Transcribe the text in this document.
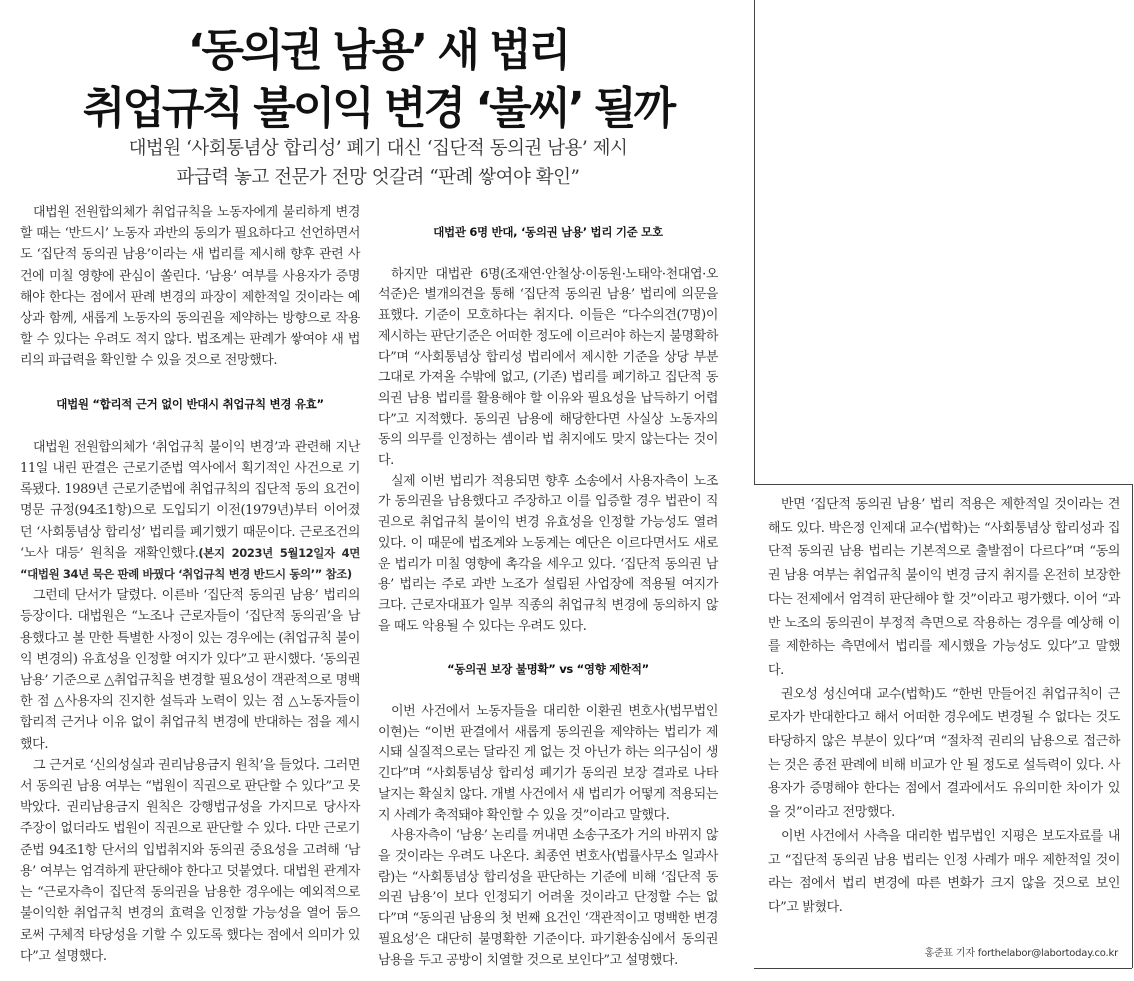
‘동의권 남용’ 새 법리
취업규칙 불이익 변경 ‘불씨’ 될까
대법원 ‘사회통념상 합리성’ 폐기 대신 ‘집단적 동의권 남용’ 제시
파급력 놓고 전문가 전망 엇갈려 “판례 쌓여야 확인”

대법원 전원합의체가 취업규칙을 노동자에게 불리하게 변경할 때는 ‘반드시’ 노동자 과반의 동의가 필요하다고 선언하면서도 ‘집단적 동의권 남용’이라는 새 법리를 제시해 향후 관련 사건에 미칠 영향에 관심이 쏠린다. ‘남용’ 여부를 사용자가 증명해야 한다는 점에서 판례 변경의 파장이 제한적일 것이라는 예상과 함께, 새롭게 노동자의 동의권을 제약하는 방향으로 작용할 수 있다는 우려도 적지 않다. 법조계는 판례가 쌓여야 새 법리의 파급력을 확인할 수 있을 것으로 전망했다.

대법원 “합리적 근거 없이 반대시 취업규칙 변경 유효”

대법원 전원합의체가 ‘취업규칙 불이익 변경’과 관련해 지난 11일 내린 판결은 근로기준법 역사에서 획기적인 사건으로 기록됐다. 1989년 근로기준법에 취업규칙의 집단적 동의 요건이 명문 규정(94조1항)으로 도입되기 이전(1979년)부터 이어졌던 ‘사회통념상 합리성’ 법리를 폐기했기 때문이다. 근로조건의 ‘노사 대등’ 원칙을 재확인했다.(본지 2023년 5월12일자 4면 “대법원 34년 묵은 판례 바꿨다 ‘취업규칙 변경 반드시 동의’” 참조)

그런데 단서가 달렸다. 이른바 ‘집단적 동의권 남용’ 법리의 등장이다. 대법원은 “노조나 근로자들이 ‘집단적 동의권’을 남용했다고 볼 만한 특별한 사정이 있는 경우에는 (취업규칙 불이익 변경의) 유효성을 인정할 여지가 있다”고 판시했다. ‘동의권 남용’ 기준으로 △취업규칙을 변경할 필요성이 객관적으로 명백한 점 △사용자의 진지한 설득과 노력이 있는 점 △노동자들이 합리적 근거나 이유 없이 취업규칙 변경에 반대하는 점을 제시했다.

그 근거로 ‘신의성실과 권리남용금지 원칙’을 들었다. 그러면서 동의권 남용 여부는 “법원이 직권으로 판단할 수 있다”고 못 박았다. 권리남용금지 원칙은 강행법규성을 가지므로 당사자 주장이 없더라도 법원이 직권으로 판단할 수 있다. 다만 근로기준법 94조1항 단서의 입법취지와 동의권 중요성을 고려해 ‘남용’ 여부는 엄격하게 판단해야 한다고 덧붙였다. 대법원 관계자는 “근로자측이 집단적 동의권을 남용한 경우에는 예외적으로 불이익한 취업규칙 변경의 효력을 인정할 가능성을 열어 둠으로써 구체적 타당성을 기할 수 있도록 했다는 점에서 의미가 있다”고 설명했다.

대법관 6명 반대, ‘동의권 남용’ 법리 기준 모호

하지만 대법관 6명(조재연·안철상·이동원·노태악·천대엽·오석준)은 별개의견을 통해 ‘집단적 동의권 남용’ 법리에 의문을 표했다. 기준이 모호하다는 취지다. 이들은 “다수의견(7명)이 제시하는 판단기준은 어떠한 정도에 이르러야 하는지 불명확하다”며 “사회통념상 합리성 법리에서 제시한 기준을 상당 부분 그대로 가져올 수밖에 없고, (기존) 법리를 폐기하고 집단적 동의권 남용 법리를 활용해야 할 이유와 필요성을 납득하기 어렵다”고 지적했다. 동의권 남용에 해당한다면 사실상 노동자의 동의 의무를 인정하는 셈이라 법 취지에도 맞지 않는다는 것이다.

실제 이번 법리가 적용되면 향후 소송에서 사용자측이 노조가 동의권을 남용했다고 주장하고 이를 입증할 경우 법관이 직권으로 취업규칙 불이익 변경 유효성을 인정할 가능성도 열려 있다. 이 때문에 법조계와 노동계는 예단은 이르다면서도 새로운 법리가 미칠 영향에 촉각을 세우고 있다. ‘집단적 동의권 남용’ 법리는 주로 과반 노조가 설립된 사업장에 적용될 여지가 크다. 근로자대표가 일부 직종의 취업규칙 변경에 동의하지 않을 때도 악용될 수 있다는 우려도 있다.

“동의권 보장 불명확” vs “영향 제한적”

이번 사건에서 노동자들을 대리한 이환권 변호사(법무법인 이현)는 “이번 판결에서 새롭게 동의권을 제약하는 법리가 제시돼 실질적으로는 달라진 게 없는 것 아닌가 하는 의구심이 생긴다”며 “사회통념상 합리성 폐기가 동의권 보장 결과로 나타날지는 확실치 않다. 개별 사건에서 새 법리가 어떻게 적용되는지 사례가 축적돼야 확인할 수 있을 것”이라고 말했다.

사용자측이 ‘남용’ 논리를 꺼내면 소송구조가 거의 바뀌지 않을 것이라는 우려도 나온다. 최종연 변호사(법률사무소 일과사람)는 “사회통념상 합리성을 판단하는 기준에 비해 ‘집단적 동의권 남용’이 보다 인정되기 어려울 것이라고 단정할 수는 없다”며 “동의권 남용의 첫 번째 요건인 ‘객관적이고 명백한 변경 필요성’은 대단히 불명확한 기준이다. 파기환송심에서 동의권 남용을 두고 공방이 치열할 것으로 보인다”고 설명했다.

반면 ‘집단적 동의권 남용’ 법리 적용은 제한적일 것이라는 견해도 있다. 박은정 인제대 교수(법학)는 “사회통념상 합리성과 집단적 동의권 남용 법리는 기본적으로 출발점이 다르다”며 “동의권 남용 여부는 취업규칙 불이익 변경 금지 취지를 온전히 보장한다는 전제에서 엄격히 판단해야 할 것”이라고 평가했다. 이어 “과반 노조의 동의권이 부정적 측면으로 작용하는 경우를 예상해 이를 제한하는 측면에서 법리를 제시했을 가능성도 있다”고 말했다.

권오성 성신여대 교수(법학)도 “한번 만들어진 취업규칙이 근로자가 반대한다고 해서 어떠한 경우에도 변경될 수 없다는 것도 타당하지 않은 부분이 있다”며 “절차적 권리의 남용으로 접근하는 것은 종전 판례에 비해 비교가 안 될 정도로 설득력이 있다. 사용자가 증명해야 한다는 점에서 결과에서도 유의미한 차이가 있을 것”이라고 전망했다.

이번 사건에서 사측을 대리한 법무법인 지평은 보도자료를 내고 “집단적 동의권 남용 법리는 인정 사례가 매우 제한적일 것이라는 점에서 법리 변경에 따른 변화가 크지 않을 것으로 보인다”고 밝혔다.

홍준표 기자 forthelabor@labortoday.co.kr
